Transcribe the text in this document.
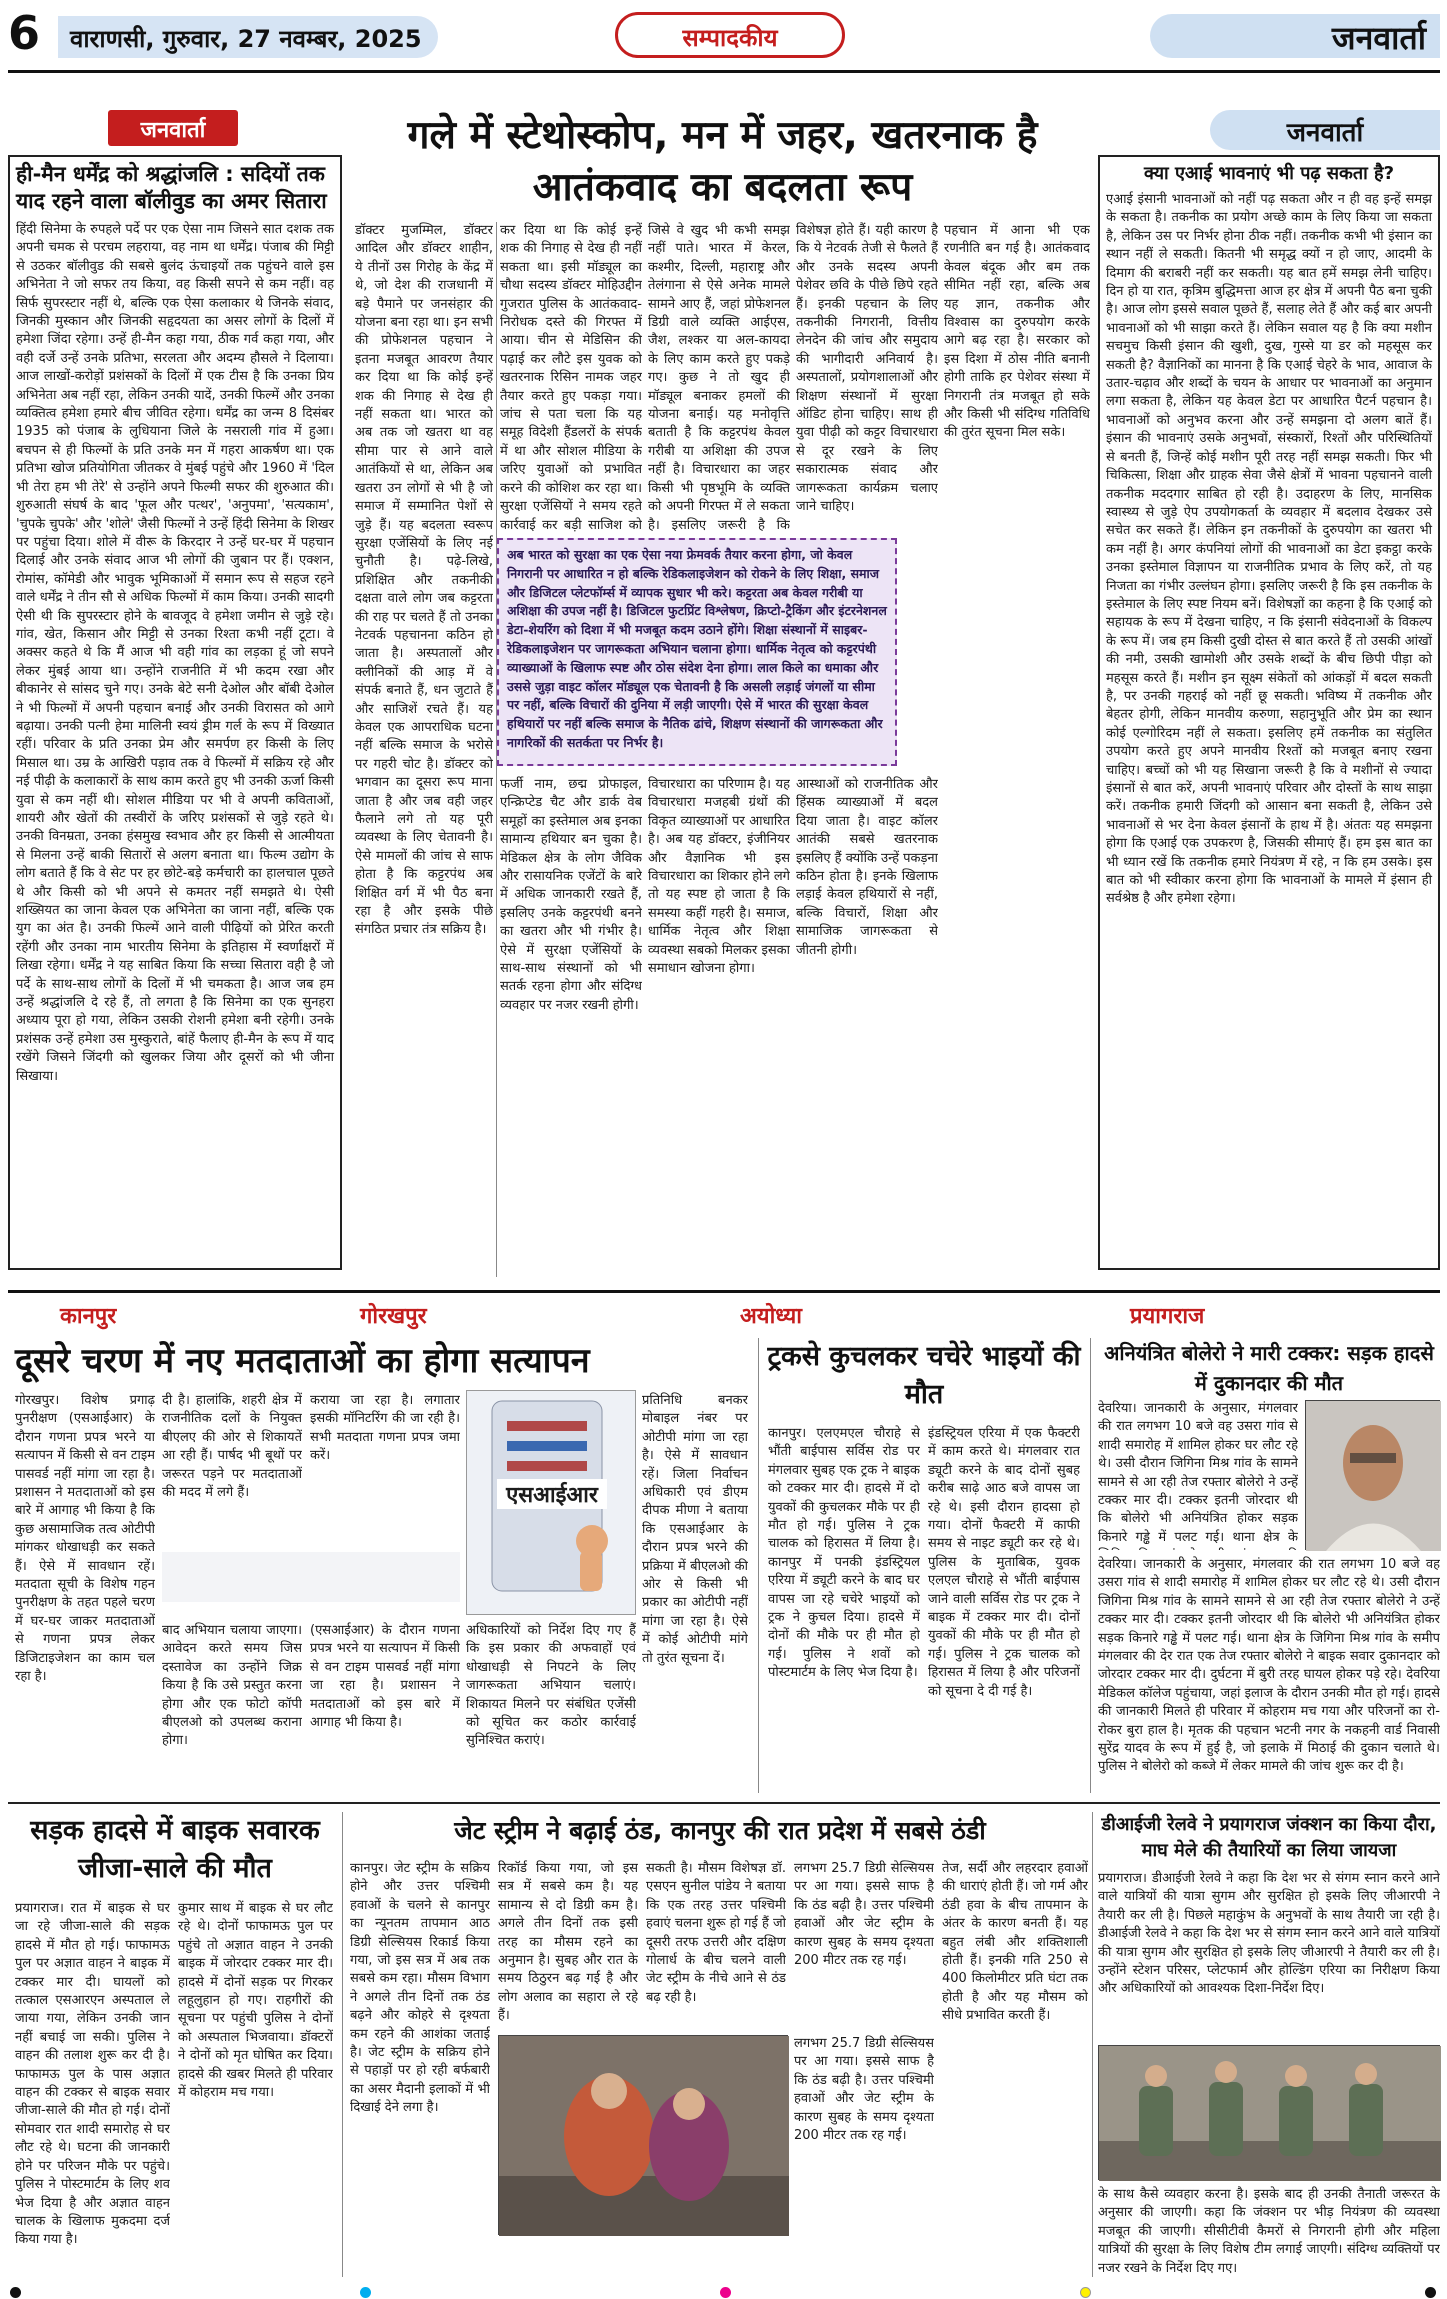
6	वाराणसी, गुरुवार, 27 नवम्बर, 2025	सम्पादकीय	जनवार्ता
जनवार्ता
ही-मैन धर्मेंद्र को श्रद्धांजलि : सदियों तक याद रहने वाला बॉलीवुड का अमर सितारा
हिंदी सिनेमा के रुपहले पर्दे पर एक ऐसा नाम जिसने सात दशक तक अपनी चमक से परचम लहराया, वह नाम था धर्मेंद्र। पंजाब की मिट्टी से उठकर बॉलीवुड की सबसे बुलंद ऊंचाइयों तक पहुंचने वाले इस अभिनेता ने जो सफर तय किया, वह किसी सपने से कम नहीं। वह सिर्फ सुपरस्टार नहीं थे, बल्कि एक ऐसा कलाकार थे जिनके संवाद, जिनकी मुस्कान और जिनकी सहृदयता का असर लोगों के दिलों में हमेशा जिंदा रहेगा। उन्हें ही-मैन कहा गया, ठीक गर्व कहा गया, और वही दर्जे उन्हें उनके प्रतिभा, सरलता और अदम्य हौसले ने दिलाया। आज लाखों-करोड़ों प्रशंसकों के दिलों में एक टीस है कि उनका प्रिय अभिनेता अब नहीं रहा, लेकिन उनकी यादें, उनकी फिल्में और उनका व्यक्तित्व हमेशा हमारे बीच जीवित रहेगा। धर्मेंद्र का जन्म 8 दिसंबर 1935 को पंजाब के लुधियाना जिले के नसराली गांव में हुआ। बचपन से ही फिल्मों के प्रति उनके मन में गहरा आकर्षण था। एक प्रतिभा खोज प्रतियोगिता जीतकर वे मुंबई पहुंचे और 1960 में 'दिल भी तेरा हम भी तेरे' से उन्होंने अपने फिल्मी सफर की शुरुआत की। शुरुआती संघर्ष के बाद 'फूल और पत्थर', 'अनुपमा', 'सत्यकाम', 'चुपके चुपके' और 'शोले' जैसी फिल्मों ने उन्हें हिंदी सिनेमा के शिखर पर पहुंचा दिया। शोले में वीरू के किरदार ने उन्हें घर-घर में पहचान दिलाई और उनके संवाद आज भी लोगों की जुबान पर हैं। एक्शन, रोमांस, कॉमेडी और भावुक भूमिकाओं में समान रूप से सहज रहने वाले धर्मेंद्र ने तीन सौ से अधिक फिल्मों में काम किया। उनकी सादगी ऐसी थी कि सुपरस्टार होने के बावजूद वे हमेशा जमीन से जुड़े रहे। गांव, खेत, किसान और मिट्टी से उनका रिश्ता कभी नहीं टूटा। वे अक्सर कहते थे कि मैं आज भी वही गांव का लड़का हूं जो सपने लेकर मुंबई आया था। उन्होंने राजनीति में भी कदम रखा और बीकानेर से सांसद चुने गए। उनके बेटे सनी देओल और बॉबी देओल ने भी फिल्मों में अपनी पहचान बनाई और उनकी विरासत को आगे बढ़ाया। उनकी पत्नी हेमा मालिनी स्वयं ड्रीम गर्ल के रूप में विख्यात रहीं। परिवार के प्रति उनका प्रेम और समर्पण हर किसी के लिए मिसाल था। उम्र के आखिरी पड़ाव तक वे फिल्मों में सक्रिय रहे और नई पीढ़ी के कलाकारों के साथ काम करते हुए भी उनकी ऊर्जा किसी युवा से कम नहीं थी। सोशल मीडिया पर भी वे अपनी कविताओं, शायरी और खेतों की तस्वीरों के जरिए प्रशंसकों से जुड़े रहते थे। उनकी विनम्रता, उनका हंसमुख स्वभाव और हर किसी से आत्मीयता से मिलना उन्हें बाकी सितारों से अलग बनाता था। फिल्म उद्योग के लोग बताते हैं कि वे सेट पर हर छोटे-बड़े कर्मचारी का हालचाल पूछते थे और किसी को भी अपने से कमतर नहीं समझते थे। ऐसी शख्सियत का जाना केवल एक अभिनेता का जाना नहीं, बल्कि एक युग का अंत है। उनकी फिल्में आने वाली पीढ़ियों को प्रेरित करती रहेंगी और उनका नाम भारतीय सिनेमा के इतिहास में स्वर्णाक्षरों में लिखा रहेगा। धर्मेंद्र ने यह साबित किया कि सच्चा सितारा वही है जो पर्दे के साथ-साथ लोगों के दिलों में भी चमकता है। आज जब हम उन्हें श्रद्धांजलि दे रहे हैं, तो लगता है कि सिनेमा का एक सुनहरा अध्याय पूरा हो गया, लेकिन उसकी रोशनी हमेशा बनी रहेगी। उनके प्रशंसक उन्हें हमेशा उस मुस्कुराते, बांहें फैलाए ही-मैन के रूप में याद रखेंगे जिसने जिंदगी को खुलकर जिया और दूसरों को भी जीना सिखाया।
गले में स्टेथोस्कोप, मन में जहर, खतरनाक है आतंकवाद का बदलता रूप
डॉक्टर मुजम्मिल, डॉक्टर आदिल और डॉक्टर शाहीन, ये तीनों उस गिरोह के केंद्र में थे, जो देश की राजधानी में बड़े पैमाने पर जनसंहार की योजना बना रहा था। इन सभी की प्रोफेशनल पहचान ने इतना मजबूत आवरण तैयार कर दिया था कि कोई इन्हें शक की निगाह से देख ही नहीं सकता था। भारत को अब तक जो खतरा था वह सीमा पार से आने वाले आतंकियों से था, लेकिन अब खतरा उन लोगों से भी है जो समाज में सम्मानित पेशों से जुड़े हैं। यह बदलता स्वरूप सुरक्षा एजेंसियों के लिए नई चुनौती है। पढ़े-लिखे, प्रशिक्षित और तकनीकी दक्षता वाले लोग जब कट्टरता की राह पर चलते हैं तो उनका नेटवर्क पहचानना कठिन हो जाता है। अस्पतालों और क्लीनिकों की आड़ में वे संपर्क बनाते हैं, धन जुटाते हैं और साजिशें रचते हैं। यह केवल एक आपराधिक घटना नहीं बल्कि समाज के भरोसे पर गहरी चोट है। डॉक्टर को भगवान का दूसरा रूप माना जाता है और जब वही जहर फैलाने लगे तो यह पूरी व्यवस्था के लिए चेतावनी है। ऐसे मामलों की जांच से साफ होता है कि कट्टरपंथ अब शिक्षित वर्ग में भी पैठ बना रहा है और इसके पीछे संगठित प्रचार तंत्र सक्रिय है।
कर दिया था कि कोई इन्हें शक की निगाह से देख ही नहीं सकता था। इसी मॉड्यूल का चौथा सदस्य डॉक्टर मोहिउद्दीन गुजरात पुलिस के आतंकवाद-निरोधक दस्ते की गिरफ्त में आया। चीन से मेडिसिन की पढ़ाई कर लौटे इस युवक को खतरनाक रिसिन नामक जहर तैयार करते हुए पकड़ा गया। जांच से पता चला कि यह समूह विदेशी हैंडलरों के संपर्क में था और सोशल मीडिया के जरिए युवाओं को प्रभावित करने की कोशिश कर रहा था। सुरक्षा एजेंसियों ने समय रहते कार्रवाई कर बड़ी साजिश को
जिसे वे खुद भी कभी समझ नहीं पाते। भारत में केरल, कश्मीर, दिल्ली, महाराष्ट्र और तेलंगाना से ऐसे अनेक मामले सामने आए हैं, जहां प्रोफेशनल डिग्री वाले व्यक्ति आईएस, जैश, लश्कर या अल-कायदा के लिए काम करते हुए पकड़े गए। कुछ ने तो खुद ही मॉड्यूल बनाकर हमलों की योजना बनाई। यह मनोवृत्ति बताती है कि कट्टरपंथ केवल गरीबी या अशिक्षा की उपज नहीं है। विचारधारा का जहर किसी भी पृष्ठभूमि के व्यक्ति को अपनी गिरफ्त में ले सकता है। इसलिए जरूरी है कि
विशेषज्ञ होते हैं। यही कारण है कि ये नेटवर्क तेजी से फैलते हैं और उनके सदस्य अपनी पेशेवर छवि के पीछे छिपे रहते हैं। इनकी पहचान के लिए तकनीकी निगरानी, वित्तीय लेनदेन की जांच और समुदाय की भागीदारी अनिवार्य है। अस्पतालों, प्रयोगशालाओं और शिक्षण संस्थानों में सुरक्षा ऑडिट होना चाहिए। साथ ही युवा पीढ़ी को कट्टर विचारधारा से दूर रखने के लिए सकारात्मक संवाद और जागरूकता कार्यक्रम चलाए जाने चाहिए।
पहचान में आना भी एक रणनीति बन गई है। आतंकवाद केवल बंदूक और बम तक सीमित नहीं रहा, बल्कि अब यह ज्ञान, तकनीक और विश्वास का दुरुपयोग करके आगे बढ़ रहा है। सरकार को इस दिशा में ठोस नीति बनानी होगी ताकि हर पेशेवर संस्था में निगरानी तंत्र मजबूत हो सके और किसी भी संदिग्ध गतिविधि की तुरंत सूचना मिल सके।
अब भारत को सुरक्षा का एक ऐसा नया फ्रेमवर्क तैयार करना होगा, जो केवल निगरानी पर आधारित न हो बल्कि रेडिकलाइजेशन को रोकने के लिए शिक्षा, समाज और डिजिटल प्लेटफॉर्म्स में व्यापक सुधार भी करे। कट्टरता अब केवल गरीबी या अशिक्षा की उपज नहीं है। डिजिटल फुटप्रिंट विश्लेषण, क्रिप्टो-ट्रैकिंग और इंटरनेशनल डेटा-शेयरिंग को दिशा में भी मजबूत कदम उठाने होंगे। शिक्षा संस्थानों में साइबर-रेडिकलाइजेशन पर जागरूकता अभियान चलाना होगा। धार्मिक नेतृत्व को कट्टरपंथी व्याख्याओं के खिलाफ स्पष्ट और ठोस संदेश देना होगा। लाल किले का धमाका और उससे जुड़ा वाइट कॉलर मॉड्यूल एक चेतावनी है कि असली लड़ाई जंगलों या सीमा पर नहीं, बल्कि विचारों की दुनिया में लड़ी जाएगी। ऐसे में भारत की सुरक्षा केवल हथियारों पर नहीं बल्कि समाज के नैतिक ढांचे, शिक्षण संस्थानों की जागरूकता और नागरिकों की सतर्कता पर निर्भर है।
फर्जी नाम, छद्म प्रोफाइल, एन्क्रिप्टेड चैट और डार्क वेब समूहों का इस्तेमाल अब इनका सामान्य हथियार बन चुका है। मेडिकल क्षेत्र के लोग जैविक और रासायनिक एजेंटों के बारे में अधिक जानकारी रखते हैं, इसलिए उनके कट्टरपंथी बनने का खतरा और भी गंभीर है। ऐसे में सुरक्षा एजेंसियों के साथ-साथ संस्थानों को भी सतर्क रहना होगा और संदिग्ध व्यवहार पर नजर रखनी होगी।
विचारधारा का परिणाम है। यह विचारधारा मजहबी ग्रंथों की विकृत व्याख्याओं पर आधारित है। अब यह डॉक्टर, इंजीनियर और वैज्ञानिक भी इस विचारधारा का शिकार होने लगे तो यह स्पष्ट हो जाता है कि समस्या कहीं गहरी है। समाज, धार्मिक नेतृत्व और शिक्षा व्यवस्था सबको मिलकर इसका समाधान खोजना होगा।
आस्थाओं को राजनीतिक और हिंसक व्याख्याओं में बदल दिया जाता है। वाइट कॉलर आतंकी सबसे खतरनाक इसलिए हैं क्योंकि उन्हें पकड़ना कठिन होता है। इनके खिलाफ लड़ाई केवल हथियारों से नहीं, बल्कि विचारों, शिक्षा और सामाजिक जागरूकता से जीतनी होगी।
जनवार्ता
क्या एआई भावनाएं भी पढ़ सकता है?
एआई इंसानी भावनाओं को नहीं पढ़ सकता और न ही वह इन्हें समझ के सकता है। तकनीक का प्रयोग अच्छे काम के लिए किया जा सकता है, लेकिन उस पर निर्भर होना ठीक नहीं। तकनीक कभी भी इंसान का स्थान नहीं ले सकती। कितनी भी समृद्ध क्यों न हो जाए, आदमी के दिमाग की बराबरी नहीं कर सकती। यह बात हमें समझ लेनी चाहिए। दिन हो या रात, कृत्रिम बुद्धिमत्ता आज हर क्षेत्र में अपनी पैठ बना चुकी है। आज लोग इससे सवाल पूछते हैं, सलाह लेते हैं और कई बार अपनी भावनाओं को भी साझा करते हैं। लेकिन सवाल यह है कि क्या मशीन सचमुच किसी इंसान की खुशी, दुख, गुस्से या डर को महसूस कर सकती है? वैज्ञानिकों का मानना है कि एआई चेहरे के भाव, आवाज के उतार-चढ़ाव और शब्दों के चयन के आधार पर भावनाओं का अनुमान लगा सकता है, लेकिन यह केवल डेटा पर आधारित पैटर्न पहचान है। भावनाओं को अनुभव करना और उन्हें समझना दो अलग बातें हैं। इंसान की भावनाएं उसके अनुभवों, संस्कारों, रिश्तों और परिस्थितियों से बनती हैं, जिन्हें कोई मशीन पूरी तरह नहीं समझ सकती। फिर भी चिकित्सा, शिक्षा और ग्राहक सेवा जैसे क्षेत्रों में भावना पहचानने वाली तकनीक मददगार साबित हो रही है। उदाहरण के लिए, मानसिक स्वास्थ्य से जुड़े ऐप उपयोगकर्ता के व्यवहार में बदलाव देखकर उसे सचेत कर सकते हैं। लेकिन इन तकनीकों के दुरुपयोग का खतरा भी कम नहीं है। अगर कंपनियां लोगों की भावनाओं का डेटा इकट्ठा करके उनका इस्तेमाल विज्ञापन या राजनीतिक प्रभाव के लिए करें, तो यह निजता का गंभीर उल्लंघन होगा। इसलिए जरूरी है कि इस तकनीक के इस्तेमाल के लिए स्पष्ट नियम बनें। विशेषज्ञों का कहना है कि एआई को सहायक के रूप में देखना चाहिए, न कि इंसानी संवेदनाओं के विकल्प के रूप में। जब हम किसी दुखी दोस्त से बात करते हैं तो उसकी आंखों की नमी, उसकी खामोशी और उसके शब्दों के बीच छिपी पीड़ा को महसूस करते हैं। मशीन इन सूक्ष्म संकेतों को आंकड़ों में बदल सकती है, पर उनकी गहराई को नहीं छू सकती। भविष्य में तकनीक और बेहतर होगी, लेकिन मानवीय करुणा, सहानुभूति और प्रेम का स्थान कोई एल्गोरिदम नहीं ले सकता। इसलिए हमें तकनीक का संतुलित उपयोग करते हुए अपने मानवीय रिश्तों को मजबूत बनाए रखना चाहिए। बच्चों को भी यह सिखाना जरूरी है कि वे मशीनों से ज्यादा इंसानों से बात करें, अपनी भावनाएं परिवार और दोस्तों के साथ साझा करें। तकनीक हमारी जिंदगी को आसान बना सकती है, लेकिन उसे भावनाओं से भर देना केवल इंसानों के हाथ में है। अंततः यह समझना होगा कि एआई एक उपकरण है, जिसकी सीमाएं हैं। हम इस बात का भी ध्यान रखें कि तकनीक हमारे नियंत्रण में रहे, न कि हम उसके। इस बात को भी स्वीकार करना होगा कि भावनाओं के मामले में इंसान ही सर्वश्रेष्ठ है और हमेशा रहेगा।
कानपुर	गोरखपुर	अयोध्या	प्रयागराज
दूसरे चरण में नए मतदाताओं का होगा सत्यापन
गोरखपुर। विशेष प्रगाढ़ पुनरीक्षण (एसआईआर) के दौरान गणना प्रपत्र भरने या सत्यापन में किसी से वन टाइम पासवर्ड नहीं मांगा जा रहा है। प्रशासन ने मतदाताओं को इस बारे में आगाह भी किया है कि कुछ असामाजिक तत्व ओटीपी मांगकर धोखाधड़ी कर सकते हैं। ऐसे में सावधान रहें। मतदाता सूची के विशेष गहन पुनरीक्षण के तहत पहले चरण में घर-घर जाकर मतदाताओं से गणना प्रपत्र लेकर डिजिटाइजेशन का काम चल रहा है।
दी है। हालांकि, शहरी क्षेत्र में राजनीतिक दलों के नियुक्त बीएलए की ओर से शिकायतें आ रही हैं। पार्षद भी बूथों पर जरूरत पड़ने पर मतदाताओं की मदद में लगे हैं।
कराया जा रहा है। लगातार इसकी मॉनिटरिंग की जा रही है। सभी मतदाता गणना प्रपत्र जमा करें।
प्रतिनिधि बनकर मोबाइल नंबर पर ओटीपी मांगा जा रहा है। ऐसे में सावधान रहें। जिला निर्वाचन अधिकारी एवं डीएम दीपक मीणा ने बताया कि एसआईआर के दौरान प्रपत्र भरने की प्रक्रिया में बीएलओ की ओर से किसी भी प्रकार का ओटीपी नहीं मांगा जा रहा है। ऐसे में कोई ओटीपी मांगे तो तुरंत सूचना दें।
एसआईआर
बाद अभियान चलाया जाएगा। आवेदन करते समय जिस दस्तावेज का उन्होंने जिक्र किया है कि उसे प्रस्तुत करना होगा और एक फोटो कॉपी बीएलओ को उपलब्ध कराना होगा।
(एसआईआर) के दौरान गणना प्रपत्र भरने या सत्यापन में किसी से वन टाइम पासवर्ड नहीं मांगा जा रहा है। प्रशासन ने मतदाताओं को इस बारे में आगाह भी किया है।
अधिकारियों को निर्देश दिए गए हैं कि इस प्रकार की अफवाहों एवं धोखाधड़ी से निपटने के लिए जागरूकता अभियान चलाएं। शिकायत मिलने पर संबंधित एजेंसी को सूचित कर कठोर कार्रवाई सुनिश्चित कराएं।
ट्रकसे कुचलकर चचेरे भाइयों की मौत
कानपुर। एलएमएल चौराहे से भौंती बाईपास सर्विस रोड पर मंगलवार सुबह एक ट्रक ने बाइक को टक्कर मार दी। हादसे में दो युवकों की कुचलकर मौके पर ही मौत हो गई। पुलिस ने ट्रक चालक को हिरासत में लिया है। कानपुर में पनकी इंडस्ट्रियल एरिया में ड्यूटी करने के बाद घर वापस जा रहे चचेरे भाइयों को ट्रक ने कुचल दिया। हादसे में दोनों की मौके पर ही मौत हो गई। पुलिस ने शवों को पोस्टमार्टम के लिए भेज दिया है।
इंडस्ट्रियल एरिया में एक फैक्टरी में काम करते थे। मंगलवार रात ड्यूटी करने के बाद दोनों सुबह करीब साढ़े आठ बजे वापस जा रहे थे। इसी दौरान हादसा हो गया। दोनों फैक्टरी में काफी समय से नाइट ड्यूटी कर रहे थे। पुलिस के मुताबिक, युवक एलएल चौराहे से भौंती बाईपास जाने वाली सर्विस रोड पर ट्रक ने बाइक में टक्कर मार दी। दोनों युवकों की मौके पर ही मौत हो गई। पुलिस ने ट्रक चालक को हिरासत में लिया है और परिजनों को सूचना दे दी गई है।
अनियंत्रित बोलेरो ने मारी टक्कर: सड़क हादसे में दुकानदार की मौत
देवरिया। जानकारी के अनुसार, मंगलवार की रात लगभग 10 बजे वह उसरा गांव से शादी समारोह में शामिल होकर घर लौट रहे थे। उसी दौरान जिगिना मिश्र गांव के सामने सामने से आ रही तेज रफ्तार बोलेरो ने उन्हें टक्कर मार दी। टक्कर इतनी जोरदार थी कि बोलेरो भी अनियंत्रित होकर सड़क किनारे गड्ढे में पलट गई। थाना क्षेत्र के
देवरिया। जानकारी के अनुसार, मंगलवार की रात लगभग 10 बजे वह उसरा गांव से शादी समारोह में शामिल होकर घर लौट रहे थे। उसी दौरान जिगिना मिश्र गांव के सामने सामने से आ रही तेज रफ्तार बोलेरो ने उन्हें टक्कर मार दी। टक्कर इतनी जोरदार थी कि बोलेरो भी अनियंत्रित होकर सड़क किनारे गड्ढे में पलट गई। थाना क्षेत्र के जिगिना मिश्र गांव के समीप मंगलवार की देर रात एक तेज रफ्तार बोलेरो ने बाइक सवार दुकानदार को जोरदार टक्कर मार दी। दुर्घटना में बुरी तरह घायल होकर पड़े रहे। देवरिया मेडिकल कॉलेज पहुंचाया, जहां इलाज के दौरान उनकी मौत हो गई। हादसे की जानकारी मिलते ही परिवार में कोहराम मच गया और परिजनों का रो-रोकर बुरा हाल है। मृतक की पहचान भटनी नगर के नकहनी वार्ड निवासी सुरेंद्र यादव के रूप में हुई है, जो इलाके में मिठाई की दुकान चलाते थे। पुलिस ने बोलेरो को कब्जे में लेकर मामले की जांच शुरू कर दी है।
सड़क हादसे में बाइक सवारक जीजा-साले की मौत
प्रयागराज। रात में बाइक से घर जा रहे जीजा-साले की सड़क हादसे में मौत हो गई। फाफामऊ पुल पर अज्ञात वाहन ने बाइक में टक्कर मार दी। घायलों को तत्काल एसआरएन अस्पताल ले जाया गया, लेकिन उनकी जान नहीं बचाई जा सकी। पुलिस ने वाहन की तलाश शुरू कर दी है। फाफामऊ पुल के पास अज्ञात वाहन की टक्कर से बाइक सवार जीजा-साले की मौत हो गई। दोनों सोमवार रात शादी समारोह से घर लौट रहे थे। घटना की जानकारी होने पर परिजन मौके पर पहुंचे। पुलिस ने पोस्टमार्टम के लिए शव भेज दिया है और अज्ञात वाहन चालक के खिलाफ मुकदमा दर्ज किया गया है।
कुमार साथ में बाइक से घर लौट रहे थे। दोनों फाफामऊ पुल पर पहुंचे तो अज्ञात वाहन ने उनकी बाइक में जोरदार टक्कर मार दी। हादसे में दोनों सड़क पर गिरकर लहूलुहान हो गए। राहगीरों की सूचना पर पहुंची पुलिस ने दोनों को अस्पताल भिजवाया। डॉक्टरों ने दोनों को मृत घोषित कर दिया। हादसे की खबर मिलते ही परिवार में कोहराम मच गया।
जेट स्ट्रीम ने बढ़ाई ठंड, कानपुर की रात प्रदेश में सबसे ठंडी
कानपुर। जेट स्ट्रीम के सक्रिय होने और उत्तर पश्चिमी हवाओं के चलने से कानपुर का न्यूनतम तापमान आठ डिग्री सेल्सियस रिकार्ड किया गया, जो इस सत्र में अब तक सबसे कम रहा। मौसम विभाग ने अगले तीन दिनों तक ठंड बढ़ने और कोहरे से दृश्यता कम रहने की आशंका जताई है। जेट स्ट्रीम के सक्रिय होने से पहाड़ों पर हो रही बर्फबारी का असर मैदानी इलाकों में भी दिखाई देने लगा है।
रिकॉर्ड किया गया, जो इस सत्र में सबसे कम है। यह सामान्य से दो डिग्री कम है। अगले तीन दिनों तक इसी तरह का मौसम रहने का अनुमान है। सुबह और रात के समय ठिठुरन बढ़ गई है और लोग अलाव का सहारा ले रहे हैं।
सकती है। मौसम विशेषज्ञ डॉ. एसएन सुनील पांडेय ने बताया कि एक तरह उत्तर पश्चिमी हवाएं चलना शुरू हो गई हैं जो दूसरी तरफ उत्तरी और दक्षिण गोलार्ध के बीच चलने वाली जेट स्ट्रीम के नीचे आने से ठंड बढ़ रही है।
लगभग 25.7 डिग्री सेल्सियस पर आ गया। इससे साफ है कि ठंड बढ़ी है। उत्तर पश्चिमी हवाओं और जेट स्ट्रीम के कारण सुबह के समय दृश्यता 200 मीटर तक रह गई।
तेज, सर्दी और लहरदार हवाओं की धाराएं होती हैं। जो गर्म और ठंडी हवा के बीच तापमान के अंतर के कारण बनती हैं। यह बहुत लंबी और शक्तिशाली होती हैं। इनकी गति 250 से 400 किलोमीटर प्रति घंटा तक होती है और यह मौसम को सीधे प्रभावित करती हैं।
लगभग 25.7 डिग्री सेल्सियस पर आ गया। इससे साफ है कि ठंड बढ़ी है। उत्तर पश्चिमी हवाओं और जेट स्ट्रीम के कारण सुबह के समय दृश्यता 200 मीटर तक रह गई।
डीआईजी रेलवे ने प्रयागराज जंक्शन का किया दौरा, माघ मेले की तैयारियों का लिया जायजा
प्रयागराज। डीआईजी रेलवे ने कहा कि देश भर से संगम स्नान करने आने वाले यात्रियों की यात्रा सुगम और सुरक्षित हो इसके लिए जीआरपी ने तैयारी कर ली है। पिछले महाकुंभ के अनुभवों के साथ तैयारी जा रही है। डीआईजी रेलवे ने कहा कि देश भर से संगम स्नान करने आने वाले यात्रियों की यात्रा सुगम और सुरक्षित हो इसके लिए जीआरपी ने तैयारी कर ली है। उन्होंने स्टेशन परिसर, प्लेटफार्म और होल्डिंग एरिया का निरीक्षण किया और अधिकारियों को आवश्यक दिशा-निर्देश दिए।
के साथ कैसे व्यवहार करना है। इसके बाद ही उनकी तैनाती जरूरत के अनुसार की जाएगी। कहा कि जंक्शन पर भीड़ नियंत्रण की व्यवस्था मजबूत की जाएगी। सीसीटीवी कैमरों से निगरानी होगी और महिला यात्रियों की सुरक्षा के लिए विशेष टीम लगाई जाएगी। संदिग्ध व्यक्तियों पर नजर रखने के निर्देश दिए गए।
